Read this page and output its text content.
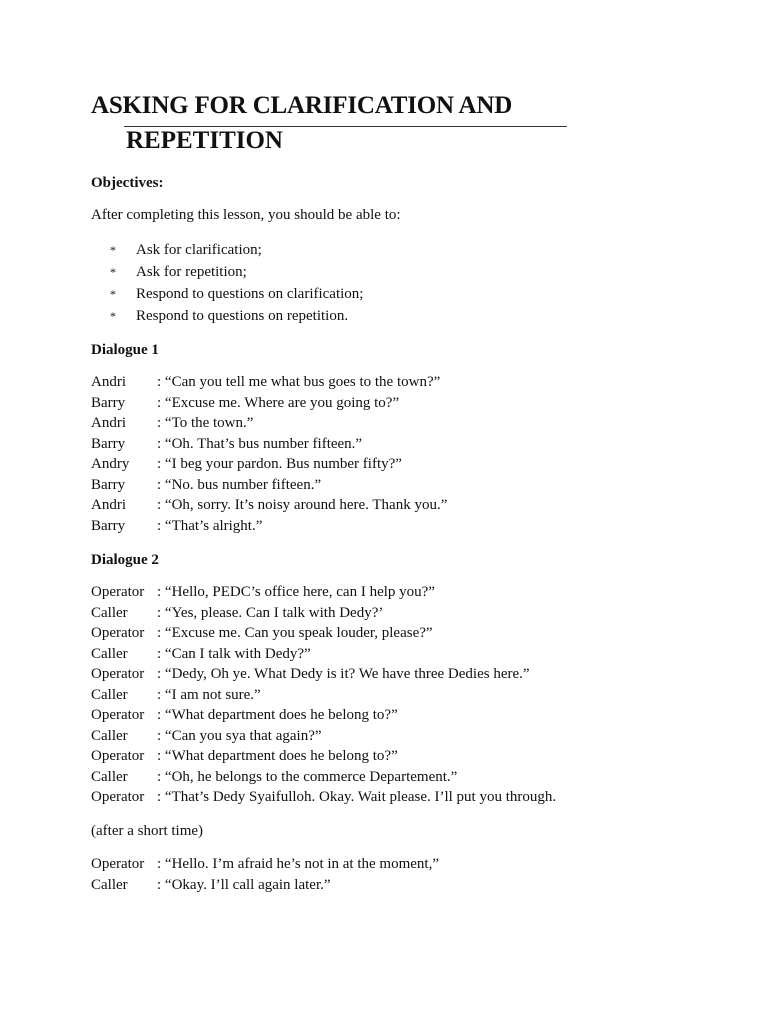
ASKING FOR CLARIFICATION AND
REPETITION
Objectives:
After completing this lesson, you should be able to:
*	Ask for clarification;
*	Ask for repetition;
*	Respond to questions on clarification;
*	Respond to questions on repetition.
Dialogue 1
Andri	: “Can you tell me what bus goes to the town?”
Barry	: “Excuse me. Where are you going to?”
Andri	: “To the town.”
Barry	: “Oh. That’s bus number fifteen.”
Andry	: “I beg your pardon. Bus number fifty?”
Barry	: “No. bus number fifteen.”
Andri	: “Oh, sorry. It’s noisy around here. Thank you.”
Barry	: “That’s alright.”
Dialogue 2
Operator : “Hello, PEDC’s office here, can I help you?”
Caller	: “Yes, please. Can I talk with Dedy?’
Operator : “Excuse me. Can you speak louder, please?”
Caller	: “Can I talk with Dedy?”
Operator : “Dedy, Oh ye. What Dedy is it? We have three Dedies here.”
Caller	: “I am not sure.”
Operator : “What department does he belong to?”
Caller	: “Can you sya that again?”
Operator : “What department does he belong to?”
Caller	: “Oh, he belongs to the commerce Departement.”
Operator : “That’s Dedy Syaifulloh. Okay. Wait please. I’ll put you through.
(after a short time)
Operator : “Hello. I’m afraid he’s not in at the moment,”
Caller	: “Okay. I’ll call again later.”
